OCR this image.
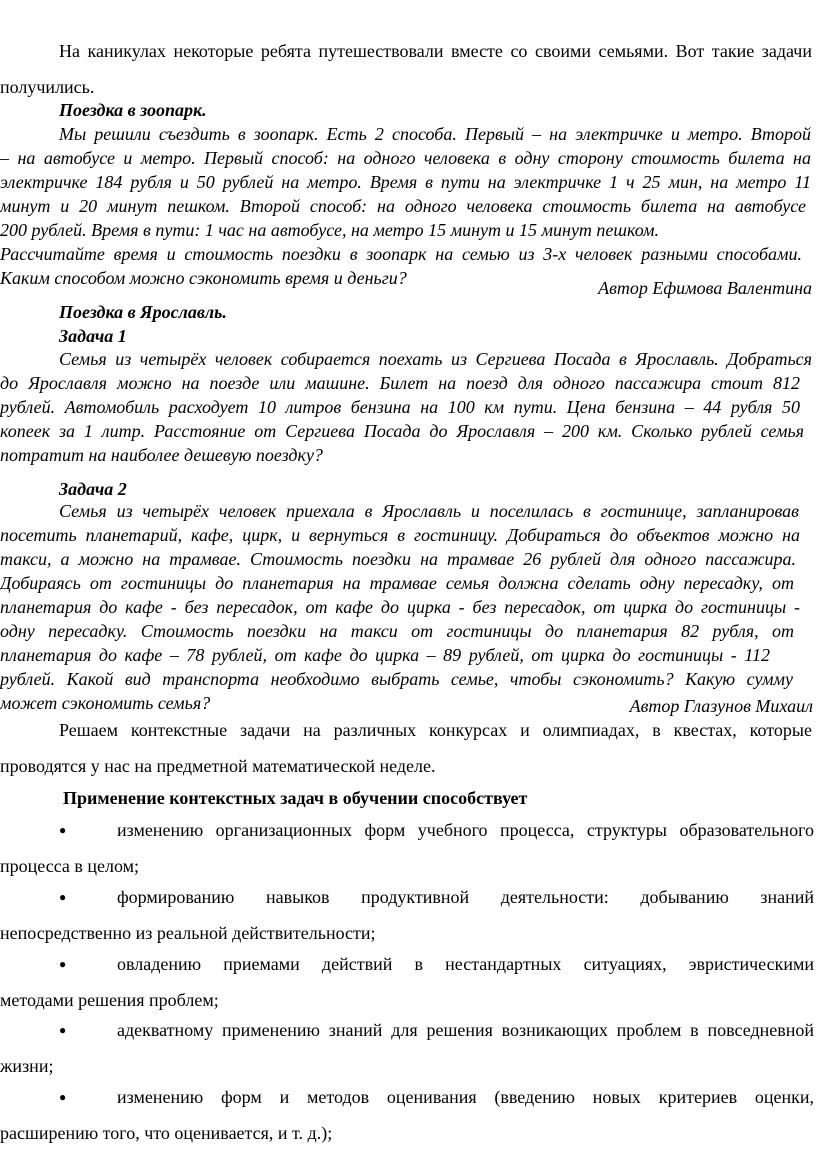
На каникулах некоторые ребята путешествовали вместе со своими семьями. Вот такие задачи
получились.

Поездка в зоопарк.

Мы решили съездить в зоопарк. Есть 2 способа. Первый – на электричке и метро. Второй
– на автобусе и метро. Первый способ: на одного человека в одну сторону стоимость билета на
электричке 184 рубля и 50 рублей на метро. Время в пути на электричке 1 ч 25 мин, на метро 11
минут и 20 минут пешком. Второй способ: на одного человека стоимость билета на автобусе
200 рублей. Время в пути: 1 час на автобусе, на метро 15 минут и 15 минут пешком.
Рассчитайте время и стоимость поездки в зоопарк на семью из 3-х человек разными способами.
Каким способом можно сэкономить время и деньги?	Автор Ефимова Валентина
Поездка в Ярославль.
Задача 1

Семья из четырёх человек собирается поехать из Сергиева Посада в Ярославль. Добраться
до Ярославля можно на поезде или машине. Билет на поезд для одного пассажира стоит 812
рублей. Автомобиль расходует 10 литров бензина на 100 км пути. Цена бензина – 44 рубля 50
копеек за 1 литр. Расстояние от Сергиева Посада до Ярославля – 200 км. Сколько рублей семья
потратит на наиболее дешевую поездку?

Задача 2

Семья из четырёх человек приехала в Ярославль и поселилась в гостинице, запланировав
посетить планетарий, кафе, цирк, и вернуться в гостиницу. Добираться до объектов можно на
такси, а можно на трамвае. Стоимость поездки на трамвае 26 рублей для одного пассажира.
Добираясь от гостиницы до планетария на трамвае семья должна сделать одну пересадку, от
планетария до кафе - без пересадок, от кафе до цирка - без пересадок, от цирка до гостиницы -
одну пересадку. Стоимость поездки на такси от гостиницы до планетария 82 рубля, от
планетария до кафе – 78 рублей, от кафе до цирка – 89 рублей, от цирка до гостиницы - 112
рублей. Какой вид транспорта необходимо выбрать семье, чтобы сэкономить? Какую сумму
может сэкономить семья?	Автор Глазунов Михаил

Решаем контекстные задачи на различных конкурсах и олимпиадах, в квестах, которые
проводятся у нас на предметной математической неделе.

Применение контекстных задач в обучении способствует
●	изменению организационных форм учебного процесса, структуры образовательного
процесса в целом;
●	формированию навыков продуктивной деятельности: добыванию знаний
непосредственно из реальной действительности;
●	овладению приемами действий в нестандартных ситуациях, эвристическими
методами решения проблем;
●	адекватному применению знаний для решения возникающих проблем в повседневной
жизни;
●	изменению форм и методов оценивания (введению новых критериев оценки,
расширению того, что оценивается, и т. д.);
